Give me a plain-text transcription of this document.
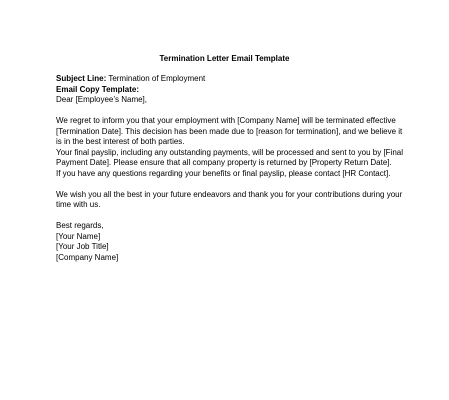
Termination Letter Email Template
Subject Line: Termination of Employment
Email Copy Template:
Dear [Employee’s Name],
We regret to inform you that your employment with [Company Name] will be terminated effective
[Termination Date]. This decision has been made due to [reason for termination], and we believe it
is in the best interest of both parties.
Your final payslip, including any outstanding payments, will be processed and sent to you by [Final
Payment Date]. Please ensure that all company property is returned by [Property Return Date].
If you have any questions regarding your benefits or final payslip, please contact [HR Contact].
We wish you all the best in your future endeavors and thank you for your contributions during your
time with us.
Best regards,
[Your Name]
[Your Job Title]
[Company Name]
